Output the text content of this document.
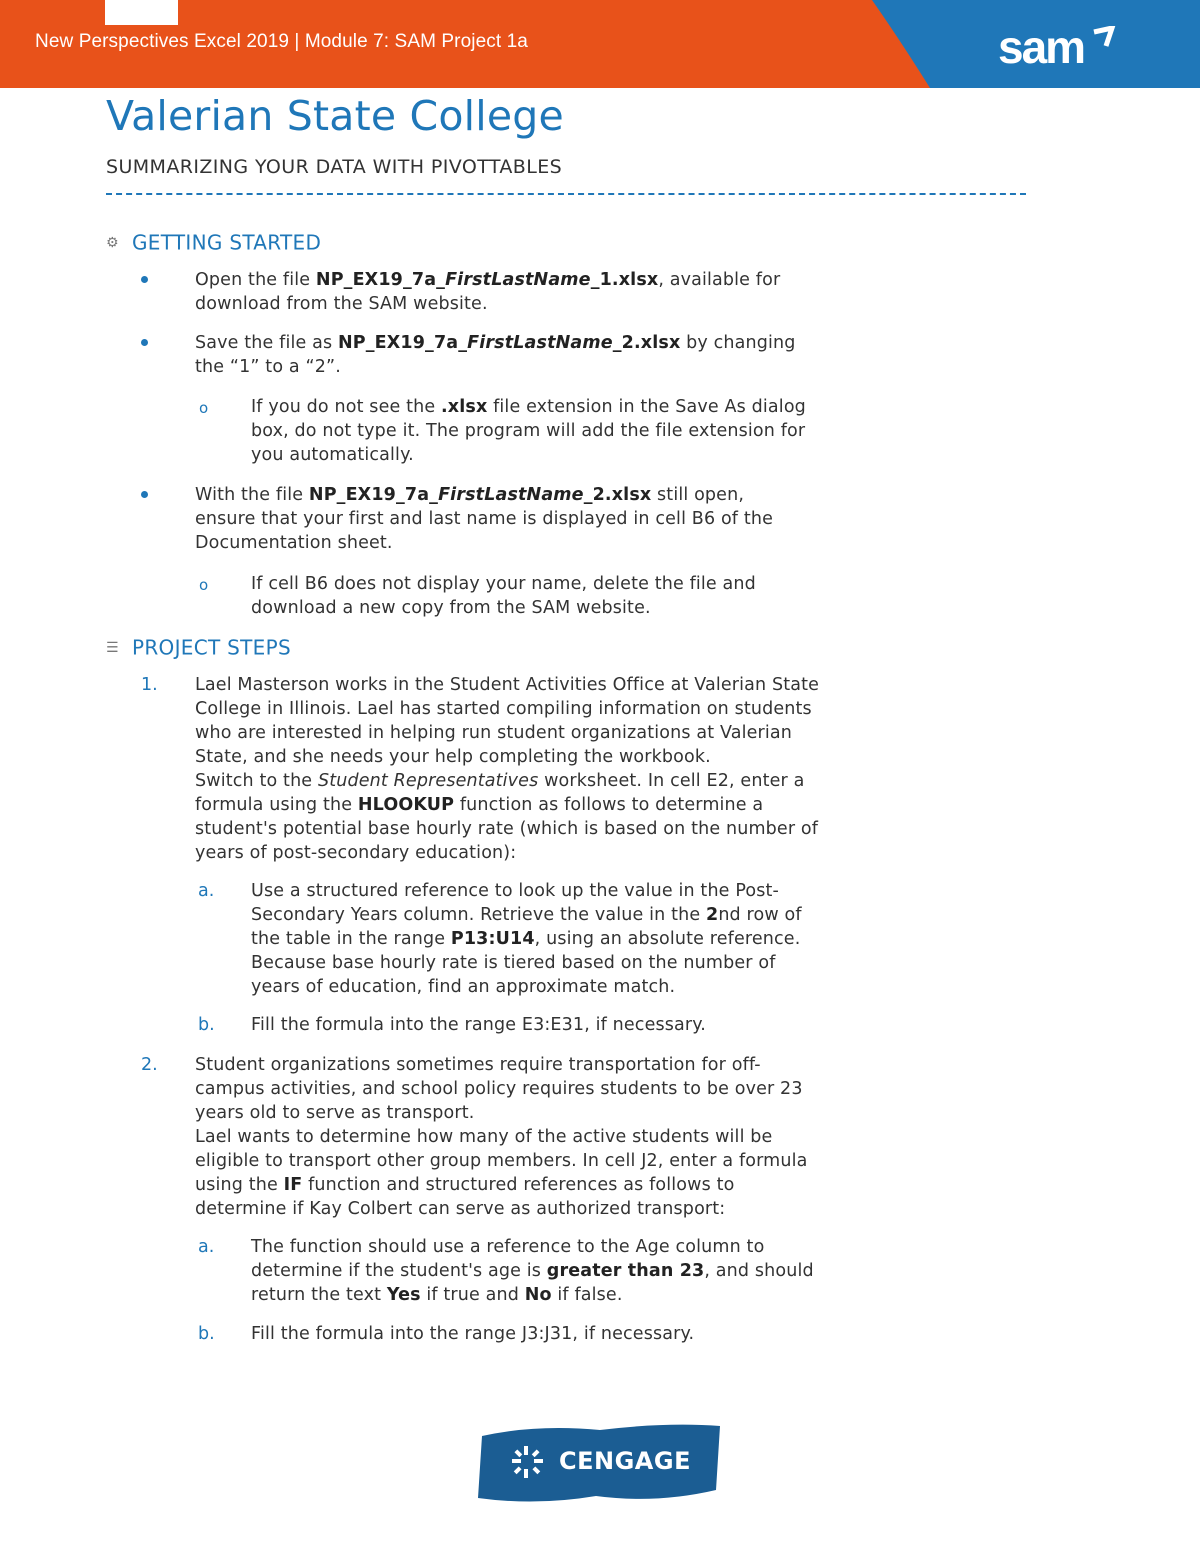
New Perspectives Excel 2019 | Module 7: SAM Project 1a	sam
Valerian State College
SUMMARIZING YOUR DATA WITH PIVOTTABLES
⚙ GETTING STARTED
Open the file NP_EX19_7a_FirstLastName_1.xlsx, available for
download from the SAM website.
Save the file as NP_EX19_7a_FirstLastName_2.xlsx by changing
the “1” to a “2”.
o If you do not see the .xlsx file extension in the Save As dialog
box, do not type it. The program will add the file extension for
you automatically.
With the file NP_EX19_7a_FirstLastName_2.xlsx still open,
ensure that your first and last name is displayed in cell B6 of the
Documentation sheet.
o If cell B6 does not display your name, delete the file and
download a new copy from the SAM website.
☰ PROJECT STEPS
1. Lael Masterson works in the Student Activities Office at Valerian State
College in Illinois. Lael has started compiling information on students
who are interested in helping run student organizations at Valerian
State, and she needs your help completing the workbook.
Switch to the Student Representatives worksheet. In cell E2, enter a
formula using the HLOOKUP function as follows to determine a
student's potential base hourly rate (which is based on the number of
years of post-secondary education):
a. Use a structured reference to look up the value in the Post-
Secondary Years column. Retrieve the value in the 2nd row of
the table in the range P13:U14, using an absolute reference.
Because base hourly rate is tiered based on the number of
years of education, find an approximate match.
b. Fill the formula into the range E3:E31, if necessary.
2. Student organizations sometimes require transportation for off-
campus activities, and school policy requires students to be over 23
years old to serve as transport.
Lael wants to determine how many of the active students will be
eligible to transport other group members. In cell J2, enter a formula
using the IF function and structured references as follows to
determine if Kay Colbert can serve as authorized transport:
a. The function should use a reference to the Age column to
determine if the student's age is greater than 23, and should
return the text Yes if true and No if false.
b. Fill the formula into the range J3:J31, if necessary.
CENGAGE
